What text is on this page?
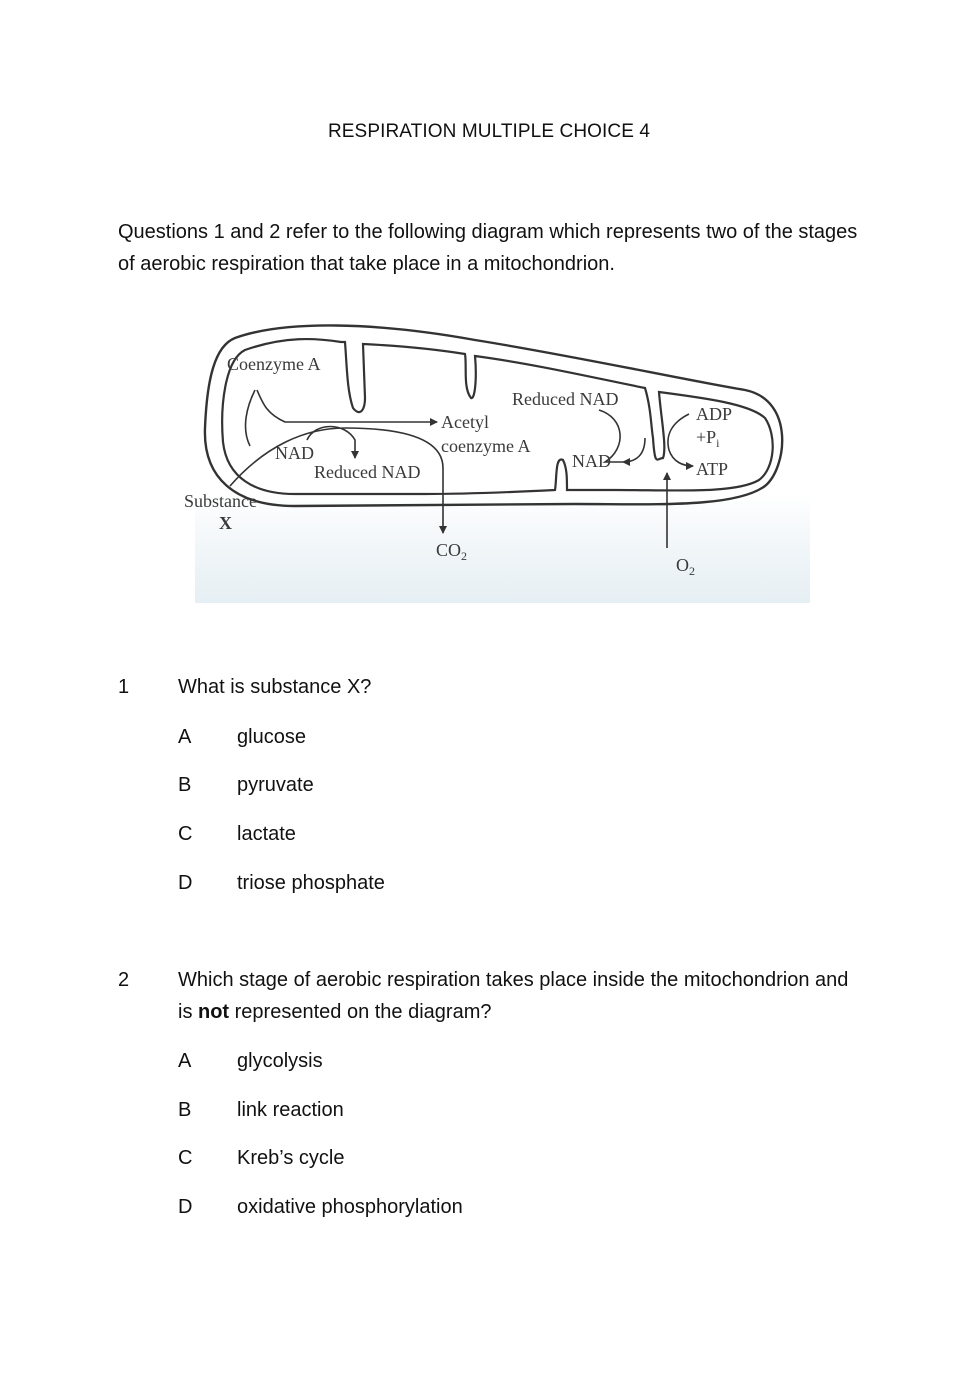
RESPIRATION MULTIPLE CHOICE 4
Questions 1 and 2 refer to the following diagram which represents two of the stages of aerobic respiration that take place in a mitochondrion.
Coenzyme A
Acetyl
coenzyme A
NAD
Reduced NAD
Substance
X
$CO_2$
Reduced NAD
NAD
ADP
$+P_i$
ATP
$O_2$
1 What is substance X?
A glucose
B pyruvate
C lactate
D triose phosphate
2 Which stage of aerobic respiration takes place inside the mitochondrion and is not represented on the diagram?
A glycolysis
B link reaction
C Kreb’s cycle
D oxidative phosphorylation
